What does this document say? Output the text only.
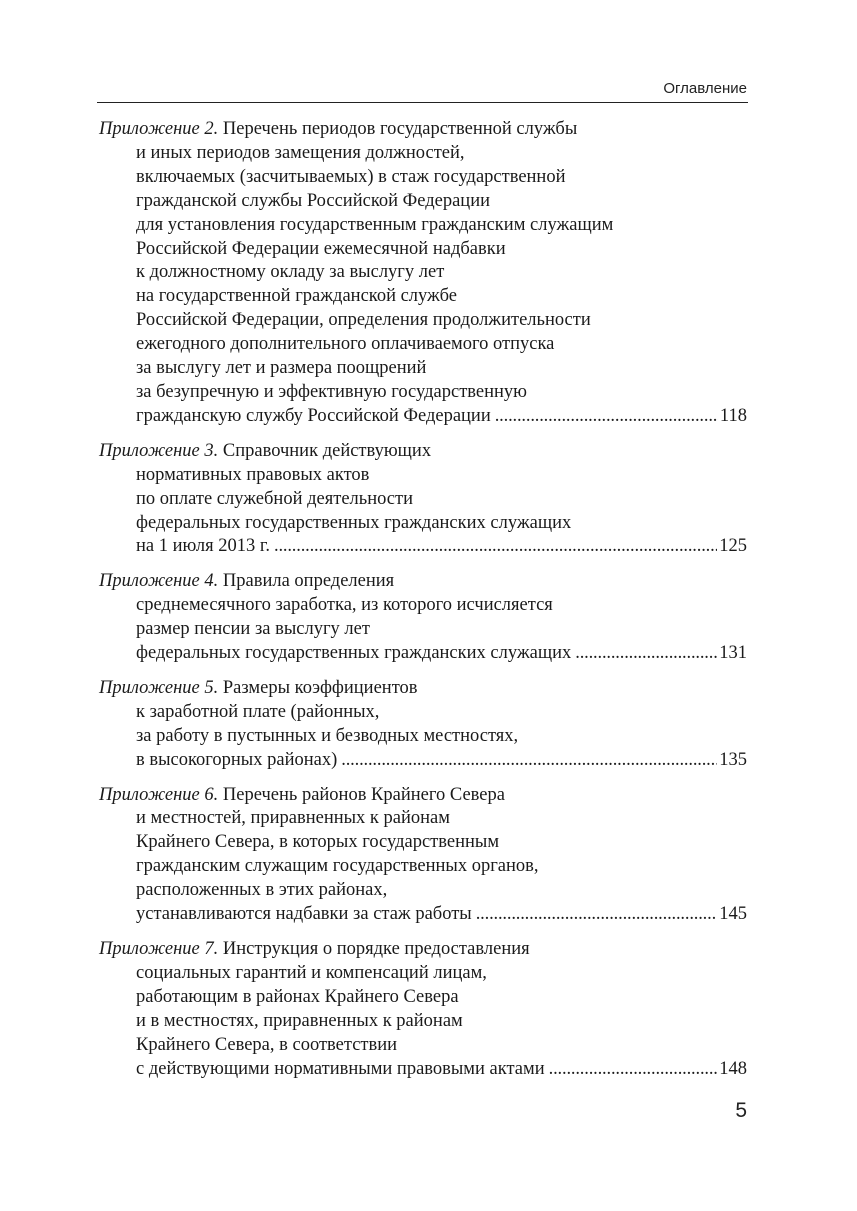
Оглавление
Приложение 2. Перечень периодов государственной службы
и иных периодов замещения должностей,
включаемых (засчитываемых) в стаж государственной
гражданской службы Российской Федерации
для установления государственным гражданским служащим
Российской Федерации ежемесячной надбавки
к должностному окладу за выслугу лет
на государственной гражданской службе
Российской Федерации, определения продолжительности
ежегодного дополнительного оплачиваемого отпуска
за выслугу лет и размера поощрений
за безупречную и эффективную государственную
гражданскую службу Российской Федерации . . .	118
Приложение 3. Справочник действующих
нормативных правовых актов
по оплате служебной деятельности
федеральных государственных гражданских служащих
на 1 июля 2013 г. . . .	125
Приложение 4. Правила определения
среднемесячного заработка, из которого исчисляется
размер пенсии за выслугу лет
федеральных государственных гражданских служащих . . .	131
Приложение 5. Размеры коэффициентов
к заработной плате (районных,
за работу в пустынных и безводных местностях,
в высокогорных районах) . . .	135
Приложение 6. Перечень районов Крайнего Севера
и местностей, приравненных к районам
Крайнего Севера, в которых государственным
гражданским служащим государственных органов,
расположенных в этих районах,
устанавливаются надбавки за стаж работы . . .	145
Приложение 7. Инструкция о порядке предоставления
социальных гарантий и компенсаций лицам,
работающим в районах Крайнего Севера
и в местностях, приравненных к районам
Крайнего Севера, в соответствии
с действующими нормативными правовыми актами . . .	148
5
